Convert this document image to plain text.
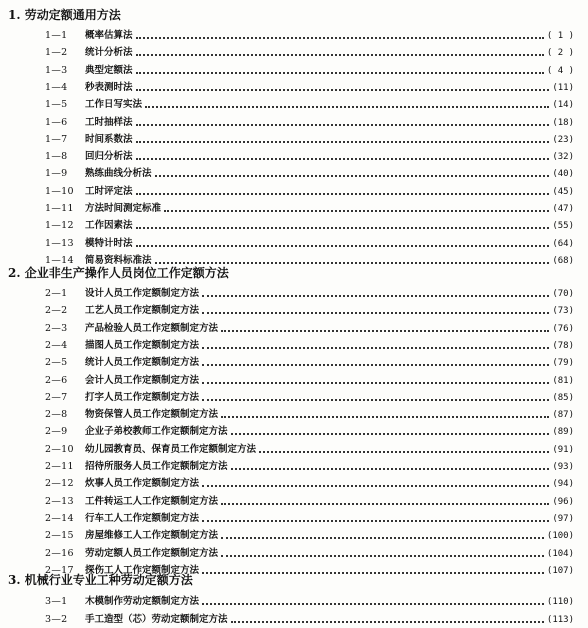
1. 劳动定额通用方法
1—1 概率估算法	( 1 )
1—2 统计分析法	( 2 )
1—3 典型定额法	( 4 )
1—4 秒表测时法	(11)
1—5 工作日写实法	(14)
1—6 工时抽样法	(18)
1—7 时间系数法	(23)
1—8 回归分析法	(32)
1—9 熟练曲线分析法	(40)
1—10 工时评定法	(45)
1—11 方法时间测定标准	(47)
1—12 工作因素法	(55)
1—13 模特计时法	(64)
1—14 简易资料标准法	(68)
2. 企业非生产操作人员岗位工作定额方法
2—1 设计人员工作定额制定方法	(70)
2—2 工艺人员工作定额制定方法	(73)
2—3 产品检验人员工作定额制定方法	(76)
2—4 描图人员工作定额制定方法	(78)
2—5 统计人员工作定额制定方法	(79)
2—6 会计人员工作定额制定方法	(81)
2—7 打字人员工作定额制定方法	(85)
2—8 物资保管人员工作定额制定方法	(87)
2—9 企业子弟校教师工作定额制定方法	(89)
2—10 幼儿园教育员、保育员工作定额制定方法	(91)
2—11 招待所服务人员工作定额制定方法	(93)
2—12 炊事人员工作定额制定方法	(94)
2—13 工件转运工人工作定额制定方法	(96)
2—14 行车工人工作定额制定方法	(97)
2—15 房屋维修工人工作定额制定方法	(100)
2—16 劳动定额人员工作定额制定方法	(104)
2—17 探伤工人工作定额制定方法	(107)
3. 机械行业专业工种劳动定额方法
3—1 木模制作劳动定额制定方法	(110)
3—2 手工造型（芯）劳动定额制定方法	(113)
